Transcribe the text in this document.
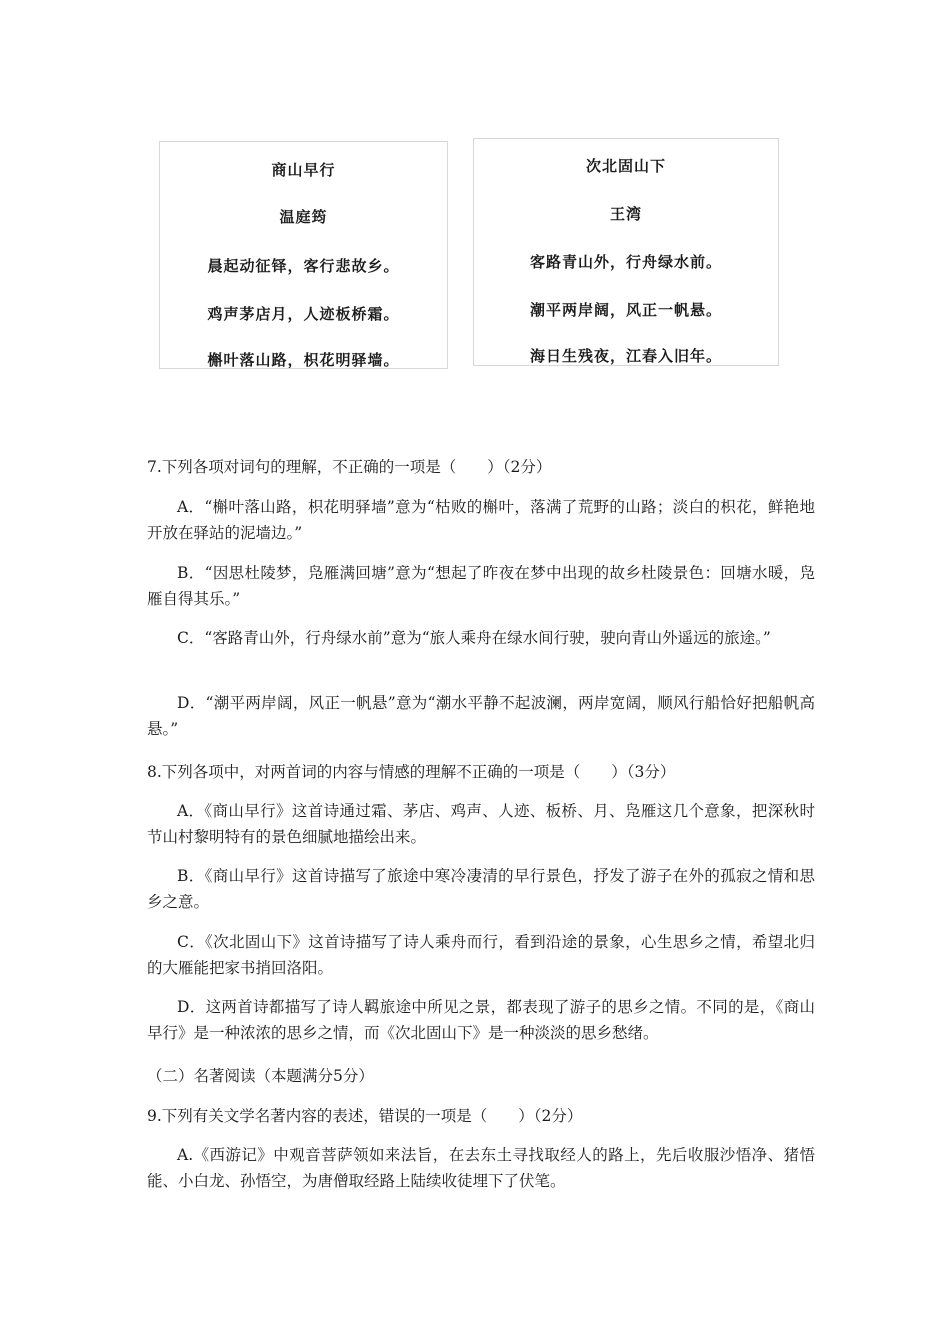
商山早行
温庭筠
晨起动征铎，客行悲故乡。
鸡声茅店月，人迹板桥霜。
槲叶落山路，枳花明驿墙。
次北固山下
王湾
客路青山外，行舟绿水前。
潮平两岸阔，风正一帆悬。
海日生残夜，江春入旧年。
7.下列各项对词句的理解，不正确的一项是（　　）（2分）
A．“槲叶落山路，枳花明驿墙”意为“枯败的槲叶，落满了荒野的山路；淡白的枳花，鲜艳地开放在驿站的泥墙边。”
B．“因思杜陵梦，凫雁满回塘”意为“想起了昨夜在梦中出现的故乡杜陵景色：回塘水暖，凫雁自得其乐。”
C．“客路青山外，行舟绿水前”意为“旅人乘舟在绿水间行驶，驶向青山外遥远的旅途。”
D．“潮平两岸阔，风正一帆悬”意为“潮水平静不起波澜，两岸宽阔，顺风行船恰好把船帆高悬。”
8.下列各项中，对两首词的内容与情感的理解不正确的一项是（　　）（3分）
A．《商山早行》这首诗通过霜、茅店、鸡声、人迹、板桥、月、凫雁这几个意象，把深秋时节山村黎明特有的景色细腻地描绘出来。
B．《商山早行》这首诗描写了旅途中寒冷凄清的早行景色，抒发了游子在外的孤寂之情和思乡之意。
C．《次北固山下》这首诗描写了诗人乘舟而行，看到沿途的景象，心生思乡之情，希望北归的大雁能把家书捎回洛阳。
D．这两首诗都描写了诗人羁旅途中所见之景，都表现了游子的思乡之情。不同的是，《商山早行》是一种浓浓的思乡之情，而《次北固山下》是一种淡淡的思乡愁绪。
（二）名著阅读（本题满分5分）
9.下列有关文学名著内容的表述，错误的一项是（　　）（2分）
A.《西游记》中观音菩萨领如来法旨，在去东土寻找取经人的路上，先后收服沙悟净、猪悟能、小白龙、孙悟空，为唐僧取经路上陆续收徒埋下了伏笔。
